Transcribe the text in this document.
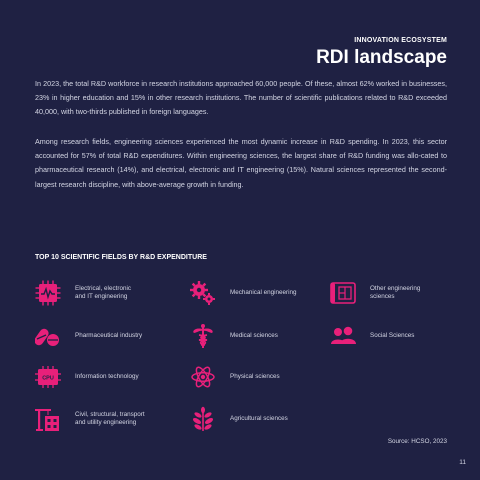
INNOVATION ECOSYSTEM
RDI landscape

In 2023, the total R&D workforce in research institutions approached 60,000 people. Of these, almost 62% worked in businesses, 23% in higher education and 15% in other research institutions. The number of scientific publications related to R&D exceeded 40,000, with two-thirds published in foreign languages.

Among research fields, engineering sciences experienced the most dynamic increase in R&D spending. In 2023, this sector accounted for 57% of total R&D expenditures. Within engineering sciences, the largest share of R&D funding was allo-cated to pharmaceutical research (14%), and electrical, electronic and IT engineering (15%). Natural sciences represented the second-largest research discipline, with above-average growth in funding.

TOP 10 SCIENTIFIC FIELDS BY R&D EXPENDITURE
Electrical, electronic
and IT engineering
Mechanical engineering
Other engineering
sciences
Pharmaceutical industry	Medical sciences	Social Sciences
CPU	Information technology	Physical sciences
Civil, structural, transport
and utility engineering
Agricultural sciences
Source: HCSO, 2023
11
